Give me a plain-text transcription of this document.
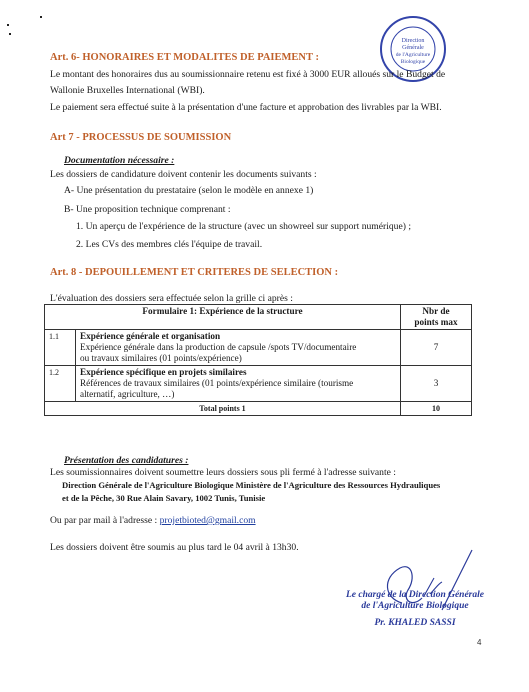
Direction
Générale
de l'Agriculture
Biologique
Art. 6- HONORAIRES ET MODALITES DE PAIEMENT :
Le montant des honoraires dus au soumissionnaire retenu est fixé à 3000 EUR alloués sur le Budget de
Wallonie Bruxelles International (WBI).
Le paiement sera effectué suite à la présentation d'une facture et approbation des livrables par la WBI.
Art 7 - PROCESSUS DE SOUMISSION
Documentation nécessaire :
Les dossiers de candidature doivent contenir les documents suivants :
A- Une présentation du prestataire (selon le modèle en annexe 1)
B- Une proposition technique comprenant :
1. Un aperçu de l'expérience de la structure (avec un showreel sur support numérique) ;
2. Les CVs des membres clés l'équipe de travail.
Art. 8 - DEPOUILLEMENT ET CRITERES DE SELECTION :
L'évaluation des dossiers sera effectuée selon la grille ci après :
Formulaire 1: Expérience de la structure		Nbr de
points max

1.1	Expérience générale et organisation
Expérience générale dans la production de capsule /spots TV/documentaire
ou travaux similaires (01 points/expérience)	7
1.2	Expérience spécifique en projets similaires
Références de travaux similaires (01 points/expérience similaire (tourisme
alternatif, agriculture, …)	3
Total points 1		10
Présentation des candidatures :
Les soumissionnaires doivent soumettre leurs dossiers sous pli fermé à l'adresse suivante :
Direction Générale de l'Agriculture Biologique Ministère de l'Agriculture des Ressources Hydrauliques
et de la Pêche, 30 Rue Alain Savary, 1002 Tunis, Tunisie
Ou par par mail à l'adresse : projetbioted@gmail.com
Les dossiers doivent être soumis au plus tard le 04 avril à 13h30.
Le chargé de la Direction Générale
de l'Agriculture Biologique
Pr. KHALED SASSI
4
